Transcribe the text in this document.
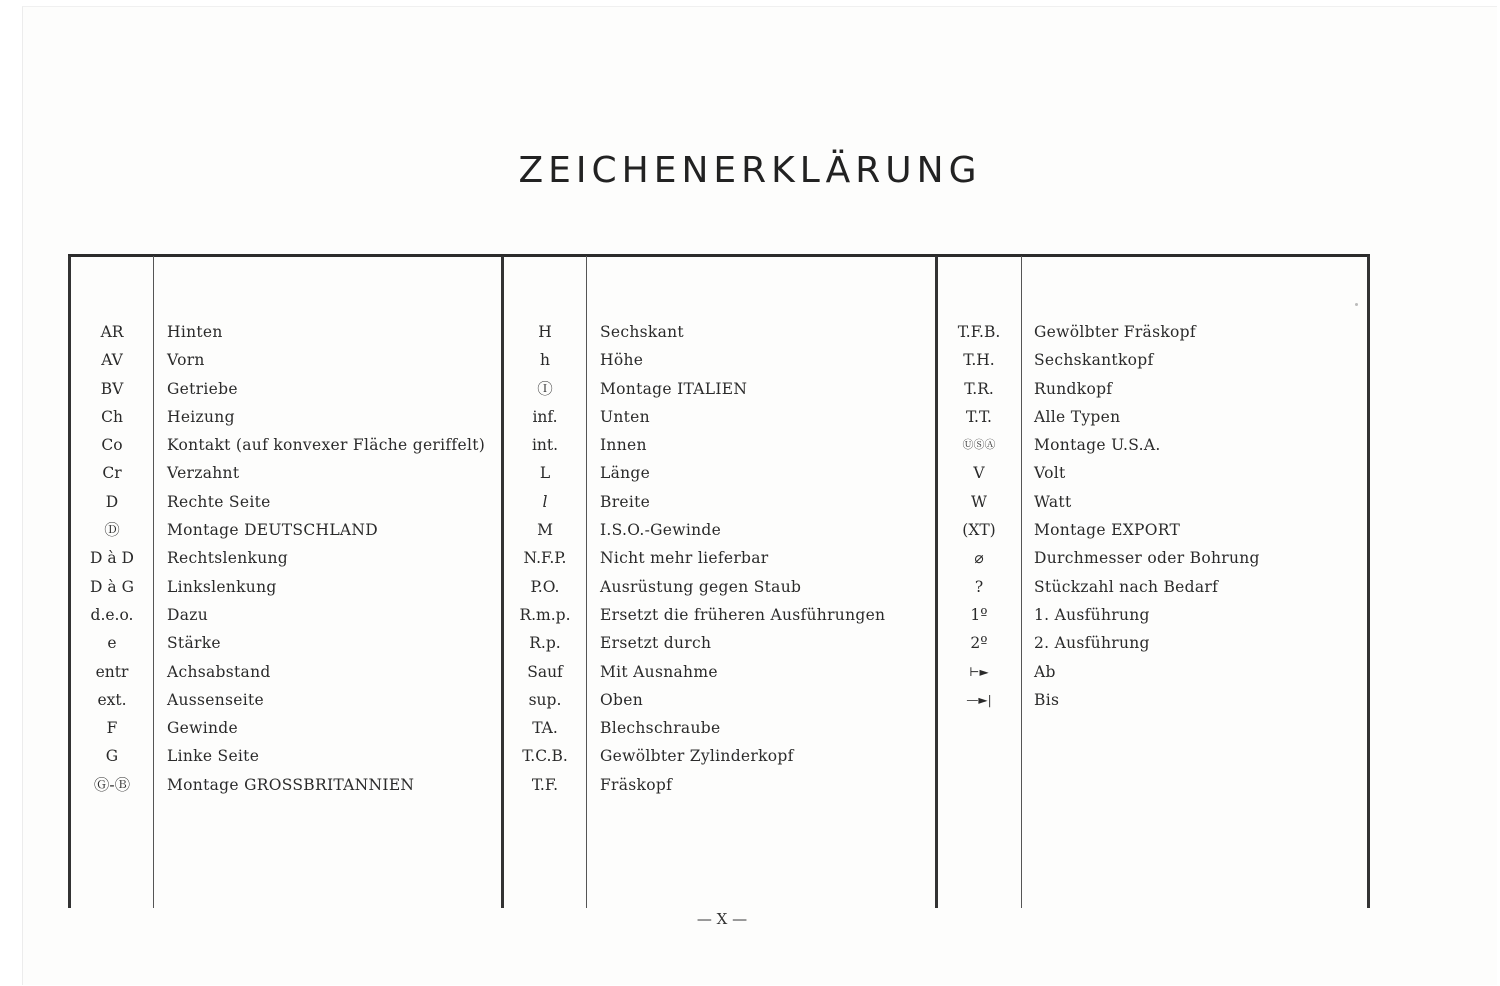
ZEICHENERKLÄRUNG
AR
AV
BV
Ch
Co
Cr
D
Ⓓ
D à D
D à G
d.e.o.
e
entr
ext.
F
G
Ⓖ-Ⓑ
Hinten
Vorn
Getriebe
Heizung
Kontakt (auf konvexer Fläche geriffelt)
Verzahnt
Rechte Seite
Montage DEUTSCHLAND
Rechtslenkung
Linkslenkung
Dazu
Stärke
Achsabstand
Aussenseite
Gewinde
Linke Seite
Montage GROSSBRITANNIEN
H
h
Ⓘ
inf.
int.
L
l
M
N.F.P.
P.O.
R.m.p.
R.p.
Sauf
sup.
TA.
T.C.B.
T.F.
Sechskant
Höhe
Montage ITALIEN
Unten
Innen
Länge
Breite
I.S.O.-Gewinde
Nicht mehr lieferbar
Ausrüstung gegen Staub
Ersetzt die früheren Ausführungen
Ersetzt durch
Mit Ausnahme
Oben
Blechschraube
Gewölbter Zylinderkopf
Fräskopf
T.F.B.
T.H.
T.R.
T.T.
ⓊⓈⒶ
V
W
(XT)
⌀
?
1º
2º
⊢►
—►|
Gewölbter Fräskopf
Sechskantkopf
Rundkopf
Alle Typen
Montage U.S.A.
Volt
Watt
Montage EXPORT
Durchmesser oder Bohrung
Stückzahl nach Bedarf
1. Ausführung
2. Ausführung
Ab
Bis
— X —
